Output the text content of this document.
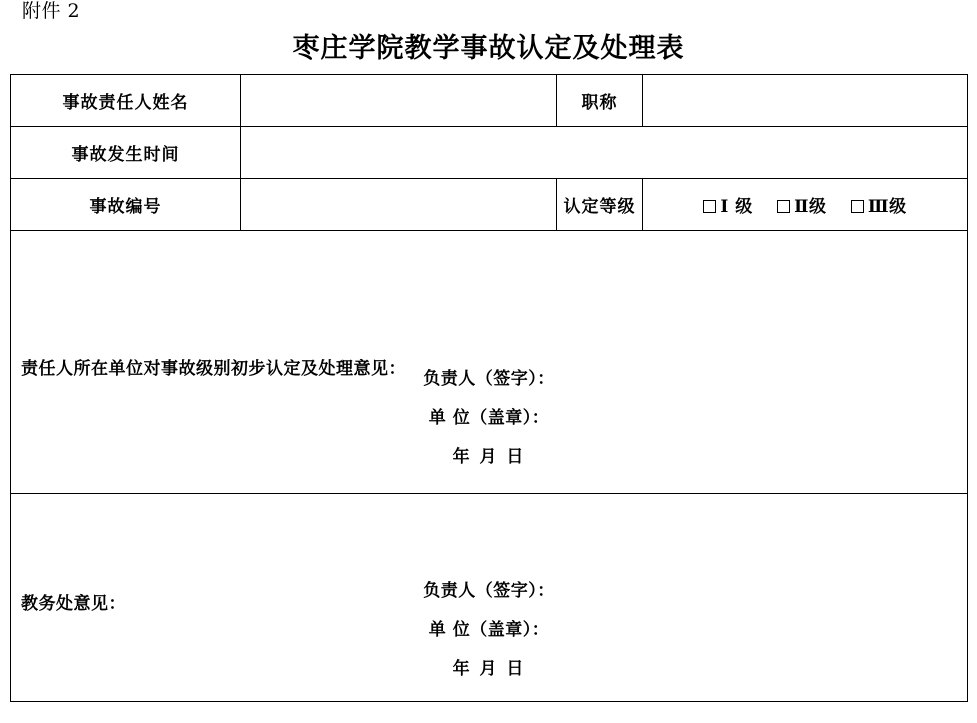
附件 2
枣庄学院教学事故认定及处理表
事故责任人姓名		职称	
事故发生时间			
事故编号		认定等级	Ⅰ 级 Ⅱ级 Ⅲ级

责任人所在单位对事故级别初步认定及处理意见：
负责人（签字）：
单 位（盖章）：
年 月 日			

教务处意见：
负责人（签字）：
单 位（盖章）：
年 月 日			
